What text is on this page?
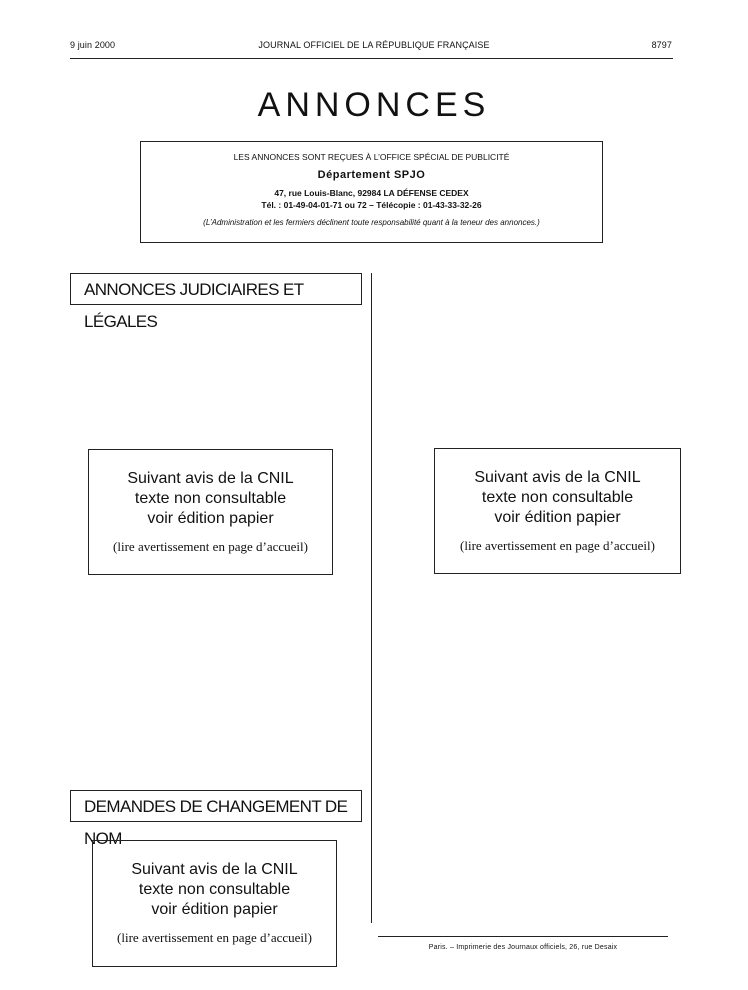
9 juin 2000	JOURNAL OFFICIEL DE LA RÉPUBLIQUE FRANÇAISE	8797
ANNONCES
LES ANNONCES SONT REÇUES À L’OFFICE SPÉCIAL DE PUBLICITÉ
Département SPJO
47, rue Louis-Blanc, 92984 LA DÉFENSE CEDEX
Tél. : 01-49-04-01-71 ou 72 – Télécopie : 01-43-33-32-26
(L’Administration et les fermiers déclinent toute responsabilité quant à la teneur des annonces.)
ANNONCES JUDICIAIRES ET LÉGALES
Suivant avis de la CNIL
texte non consultable
voir édition papier
(lire avertissement en page d’accueil)
Suivant avis de la CNIL
texte non consultable
voir édition papier
(lire avertissement en page d’accueil)
DEMANDES DE CHANGEMENT DE NOM
Suivant avis de la CNIL
texte non consultable
voir édition papier
(lire avertissement en page d’accueil)
Paris. – Imprimerie des Journaux officiels, 26, rue Desaix
